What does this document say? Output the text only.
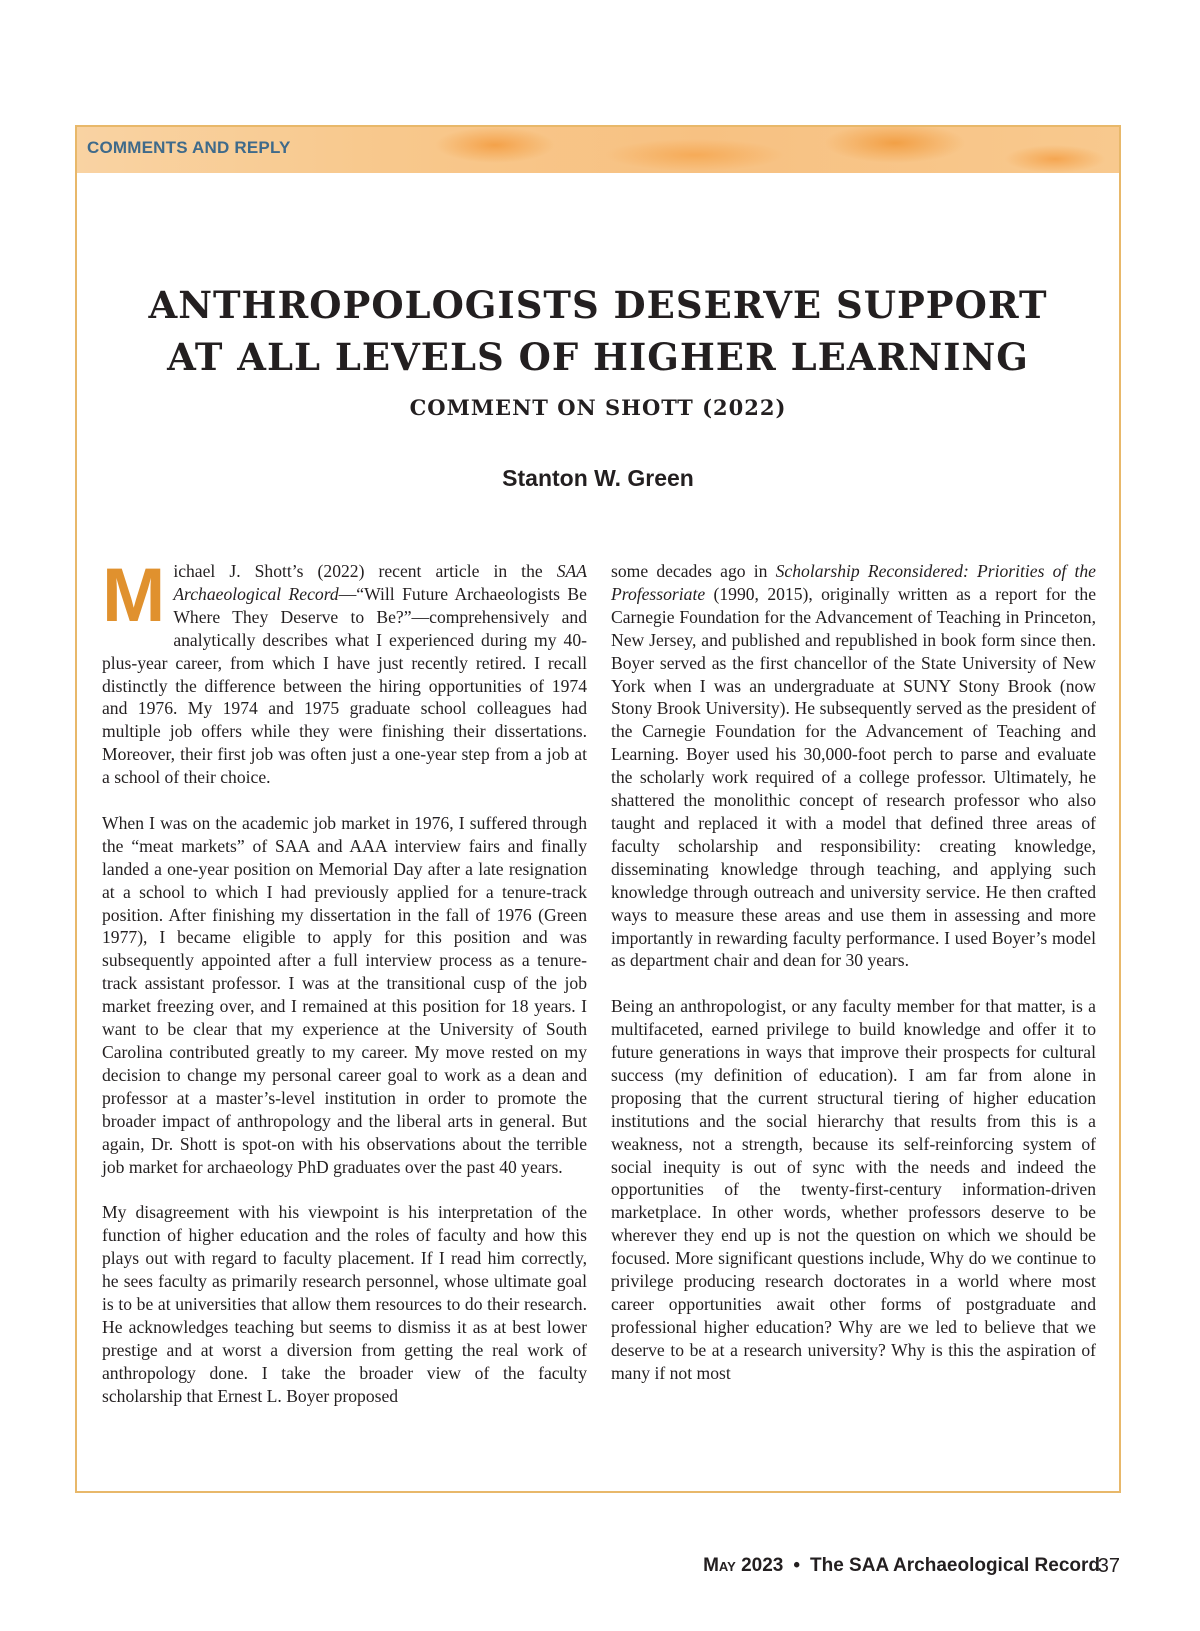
COMMENTS AND REPLY
ANTHROPOLOGISTS DESERVE SUPPORT
AT ALL LEVELS OF HIGHER LEARNING
COMMENT ON SHOTT (2022)
Stanton W. Green

Michael J. Shott’s (2022) recent article in the SAA Archaeological Record—“Will Future Archaeologists Be Where They Deserve to Be?”—comprehensively and analytically describes what I experienced during my 40-plus-year career, from which I have just recently retired. I recall distinctly the difference between the hiring opportunities of 1974 and 1976. My 1974 and 1975 graduate school colleagues had multiple job offers while they were finishing their dissertations. Moreover, their first job was often just a one-year step from a job at a school of their choice.

When I was on the academic job market in 1976, I suffered through the “meat markets” of SAA and AAA interview fairs and finally landed a one-year position on Memorial Day after a late resignation at a school to which I had previously applied for a tenure-track position. After finishing my dissertation in the fall of 1976 (Green 1977), I became eligible to apply for this position and was subsequently appointed after a full interview process as a tenure-track assistant professor. I was at the transitional cusp of the job market freezing over, and I remained at this position for 18 years. I want to be clear that my experience at the University of South Carolina contributed greatly to my career. My move rested on my decision to change my personal career goal to work as a dean and professor at a master’s-level institution in order to promote the broader impact of anthropology and the liberal arts in general. But again, Dr. Shott is spot-on with his observations about the terrible job market for archaeology PhD graduates over the past 40 years.

My disagreement with his viewpoint is his interpretation of the function of higher education and the roles of faculty and how this plays out with regard to faculty placement. If I read him correctly, he sees faculty as primarily research personnel, whose ultimate goal is to be at universities that allow them resources to do their research. He acknowledges teaching but seems to dismiss it as at best lower prestige and at worst a diversion from getting the real work of anthropology done. I take the broader view of the faculty scholarship that Ernest L. Boyer proposed

some decades ago in Scholarship Reconsidered: Priorities of the Professoriate (1990, 2015), originally written as a report for the Carnegie Foundation for the Advancement of Teaching in Princeton, New Jersey, and published and republished in book form since then. Boyer served as the first chancellor of the State University of New York when I was an undergraduate at SUNY Stony Brook (now Stony Brook University). He subsequently served as the president of the Carnegie Foundation for the Advancement of Teaching and Learning. Boyer used his 30,000-foot perch to parse and evaluate the scholarly work required of a college professor. Ultimately, he shattered the monolithic concept of research professor who also taught and replaced it with a model that defined three areas of faculty scholarship and responsibility: creating knowledge, disseminating knowledge through teaching, and applying such knowledge through outreach and university service. He then crafted ways to measure these areas and use them in assessing and more importantly in rewarding faculty performance. I used Boyer’s model as department chair and dean for 30 years.

Being an anthropologist, or any faculty member for that matter, is a multifaceted, earned privilege to build knowledge and offer it to future generations in ways that improve their prospects for cultural success (my definition of education). I am far from alone in proposing that the current structural tiering of higher education institutions and the social hierarchy that results from this is a weakness, not a strength, because its self-reinforcing system of social inequity is out of sync with the needs and indeed the opportunities of the twenty-first-century information-driven marketplace. In other words, whether professors deserve to be wherever they end up is not the question on which we should be focused. More significant questions include, Why do we continue to privilege producing research doctorates in a world where most career opportunities await other forms of postgraduate and professional higher education? Why are we led to believe that we deserve to be at a research university? Why is this the aspiration of many if not most

May 2023 • The SAA Archaeological Record
37
